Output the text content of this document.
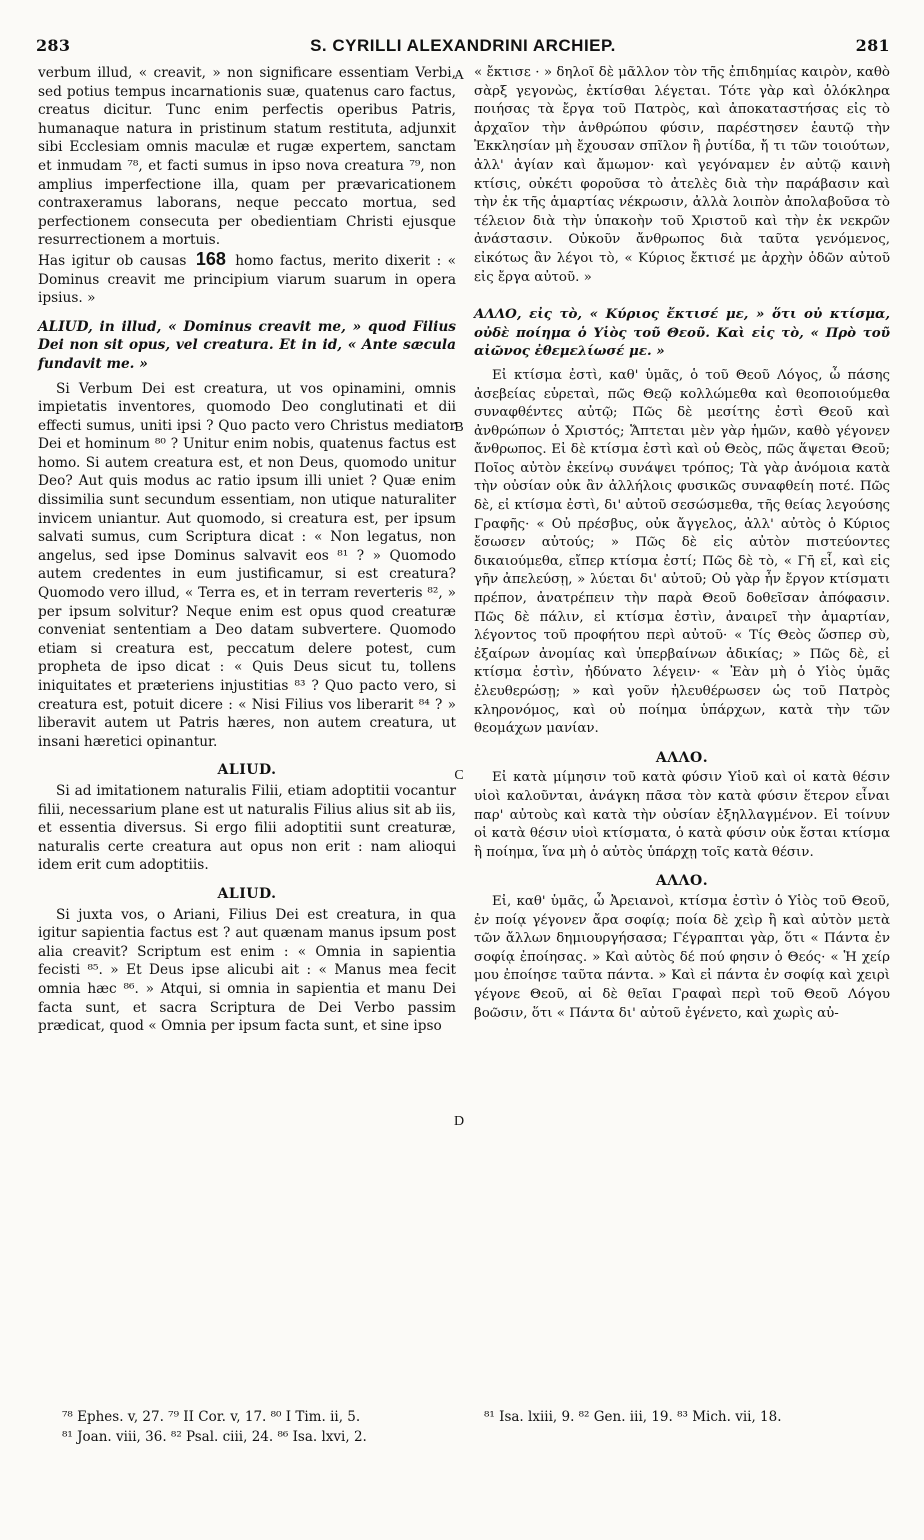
283	S. CYRILLI ALEXANDRINI ARCHIEP.	281
A
B
C
D

verbum illud, « creavit, » non significare essentiam Verbi, sed potius tempus incarnationis suæ, quatenus caro factus, creatus dicitur. Tunc enim perfectis operibus Patris, humanaque natura in pristinum statum restituta, adjunxit sibi Ecclesiam omnis maculæ et rugæ expertem, sanctam et inmudam ⁷⁸, et facti sumus in ipso nova creatura ⁷⁹, non amplius imperfectione illa, quam per prævaricationem contraxeramus laborans, neque peccato mortua, sed perfectionem consecuta per obedientiam Christi ejusque resurrectionem a mortuis.

Has igitur ob causas 168 homo factus, merito dixerit : « Dominus creavit me principium viarum suarum in opera ipsius. »

ALIUD, in illud, « Dominus creavit me, » quod Filius Dei non sit opus, vel creatura. Et in id, « Ante sæcula fundavit me. »

Si Verbum Dei est creatura, ut vos opinamini, omnis impietatis inventores, quomodo Deo conglutinati et dii effecti sumus, uniti ipsi ? Quo pacto vero Christus mediator Dei et hominum ⁸⁰ ? Unitur enim nobis, quatenus factus est homo. Si autem creatura est, et non Deus, quomodo unitur Deo? Aut quis modus ac ratio ipsum illi uniet ? Quæ enim dissimilia sunt secundum essentiam, non utique naturaliter invicem uniantur. Aut quomodo, si creatura est, per ipsum salvati sumus, cum Scriptura dicat : « Non legatus, non angelus, sed ipse Dominus salvavit eos ⁸¹ ? » Quomodo autem credentes in eum justificamur, si est creatura? Quomodo vero illud, « Terra es, et in terram reverteris ⁸², » per ipsum solvitur? Neque enim est opus quod creaturæ conveniat sententiam a Deo datam subvertere. Quomodo etiam si creatura est, peccatum delere potest, cum propheta de ipso dicat : « Quis Deus sicut tu, tollens iniquitates et præteriens injustitias ⁸³ ? Quo pacto vero, si creatura est, potuit dicere : « Nisi Filius vos liberarit ⁸⁴ ? » liberavit autem ut Patris hæres, non autem creatura, ut insani hæretici opinantur.

ALIUD.

Si ad imitationem naturalis Filii, etiam adoptitii vocantur filii, necessarium plane est ut naturalis Filius alius sit ab iis, et essentia diversus. Si ergo filii adoptitii sunt creaturæ, naturalis certe creatura aut opus non erit : nam alioqui idem erit cum adoptitiis.

ALIUD.

Si juxta vos, o Ariani, Filius Dei est creatura, in qua igitur sapientia factus est ? aut quænam manus ipsum post alia creavit? Scriptum est enim : « Omnia in sapientia fecisti ⁸⁵. » Et Deus ipse alicubi ait : « Manus mea fecit omnia hæc ⁸⁶. » Atqui, si omnia in sapientia et manu Dei facta sunt, et sacra Scriptura de Dei Verbo passim prædicat, quod « Omnia per ipsum facta sunt, et sine ipso

« ἔκτισε · » δηλοῖ δὲ μᾶλλον τὸν τῆς ἐπιδημίας καιρὸν, καθὸ σὰρξ γεγονὼς, ἐκτίσθαι λέγεται. Τότε γὰρ καὶ ὁλόκληρα ποιήσας τὰ ἔργα τοῦ Πατρὸς, καὶ ἀποκαταστήσας εἰς τὸ ἀρχαῖον τὴν ἀνθρώπου φύσιν, παρέστησεν ἑαυτῷ τὴν Ἐκκλησίαν μὴ ἔχουσαν σπῖλον ἢ ῥυτίδα, ἤ τι τῶν τοιούτων, ἀλλ' ἁγίαν καὶ ἄμωμον· καὶ γεγόναμεν ἐν αὐτῷ καινὴ κτίσις, οὐκέτι φοροῦσα τὸ ἀτελὲς διὰ τὴν παράβασιν καὶ τὴν ἐκ τῆς ἁμαρτίας νέκρωσιν, ἀλλὰ λοιπὸν ἀπολαβοῦσα τὸ τέλειον διὰ τὴν ὑπακοὴν τοῦ Χριστοῦ καὶ τὴν ἐκ νεκρῶν ἀνάστασιν. Οὐκοῦν ἄνθρωπος διὰ ταῦτα γενόμενος, εἰκότως ἂν λέγοι τὸ, « Κύριος ἔκτισέ με ἀρχὴν ὁδῶν αὐτοῦ εἰς ἔργα αὐτοῦ. »

ΑΛΛΟ, εἰς τὸ, « Κύριος ἔκτισέ με, » ὅτι οὐ κτίσμα, οὐδὲ ποίημα ὁ Υἱὸς τοῦ Θεοῦ. Καὶ εἰς τὸ, « Πρὸ τοῦ αἰῶνος ἐθεμελίωσέ με. »

Εἰ κτίσμα ἐστὶ, καθ' ὑμᾶς, ὁ τοῦ Θεοῦ Λόγος, ὦ πάσης ἀσεβείας εὑρεταὶ, πῶς Θεῷ κολλώμεθα καὶ θεοποιούμεθα συναφθέντες αὐτῷ; Πῶς δὲ μεσίτης ἐστὶ Θεοῦ καὶ ἀνθρώπων ὁ Χριστός; Ἅπτεται μὲν γὰρ ἡμῶν, καθὸ γέγονεν ἄνθρωπος. Εἰ δὲ κτίσμα ἐστὶ καὶ οὐ Θεὸς, πῶς ἅψεται Θεοῦ; Ποῖος αὐτὸν ἐκείνῳ συνάψει τρόπος; Τὰ γὰρ ἀνόμοια κατὰ τὴν οὐσίαν οὐκ ἂν ἀλλήλοις φυσικῶς συναφθείη ποτέ. Πῶς δὲ, εἰ κτίσμα ἐστὶ, δι' αὐτοῦ σεσώσμεθα, τῆς θείας λεγούσης Γραφῆς· « Οὐ πρέσβυς, οὐκ ἄγγελος, ἀλλ' αὐτὸς ὁ Κύριος ἔσωσεν αὐτούς; » Πῶς δὲ εἰς αὐτὸν πιστεύοντες δικαιούμεθα, εἴπερ κτίσμα ἐστί; Πῶς δὲ τὸ, « Γῆ εἶ, καὶ εἰς γῆν ἀπελεύσῃ, » λύεται δι' αὐτοῦ; Οὐ γὰρ ἦν ἔργον κτίσματι πρέπον, ἀνατρέπειν τὴν παρὰ Θεοῦ δοθεῖσαν ἀπόφασιν. Πῶς δὲ πάλιν, εἰ κτίσμα ἐστὶν, ἀναιρεῖ τὴν ἁμαρτίαν, λέγοντος τοῦ προφήτου περὶ αὐτοῦ· « Τίς Θεὸς ὥσπερ σὺ, ἐξαίρων ἀνομίας καὶ ὑπερβαίνων ἀδικίας; » Πῶς δὲ, εἰ κτίσμα ἐστὶν, ἠδύνατο λέγειν· « Ἐὰν μὴ ὁ Υἱὸς ὑμᾶς ἐλευθερώσῃ; » καὶ γοῦν ἠλευθέρωσεν ὡς τοῦ Πατρὸς κληρονόμος, καὶ οὐ ποίημα ὑπάρχων, κατὰ τὴν τῶν θεομάχων μανίαν.

ΑΛΛΟ.

Εἰ κατὰ μίμησιν τοῦ κατὰ φύσιν Υἱοῦ καὶ οἱ κατὰ θέσιν υἱοὶ καλοῦνται, ἀνάγκη πᾶσα τὸν κατὰ φύσιν ἕτερον εἶναι παρ' αὐτοὺς καὶ κατὰ τὴν οὐσίαν ἐξηλλαγμένον. Εἰ τοίνυν οἱ κατὰ θέσιν υἱοὶ κτίσματα, ὁ κατὰ φύσιν οὐκ ἔσται κτίσμα ἢ ποίημα, ἵνα μὴ ὁ αὐτὸς ὑπάρχῃ τοῖς κατὰ θέσιν.

ΑΛΛΟ.

Εἰ, καθ' ὑμᾶς, ὦ Ἀρειανοὶ, κτίσμα ἐστὶν ὁ Υἱὸς τοῦ Θεοῦ, ἐν ποίᾳ γέγονεν ἄρα σοφίᾳ; ποία δὲ χεὶρ ἢ καὶ αὐτὸν μετὰ τῶν ἄλλων δημιουργήσασα; Γέγραπται γὰρ, ὅτι « Πάντα ἐν σοφίᾳ ἐποίησας. » Καὶ αὐτὸς δέ πού φησιν ὁ Θεός· « Ἡ χείρ μου ἐποίησε ταῦτα πάντα. » Καὶ εἰ πάντα ἐν σοφίᾳ καὶ χειρὶ γέγονε Θεοῦ, αἱ δὲ θεῖαι Γραφαὶ περὶ τοῦ Θεοῦ Λόγου βοῶσιν, ὅτι « Πάντα δι' αὐτοῦ ἐγένετο, καὶ χωρὶς αὐ-

⁷⁸ Ephes. v, 27. ⁷⁹ II Cor. v, 17. ⁸⁰ I Tim. ii, 5.
⁸¹ Joan. viii, 36. ⁸² Psal. ciii, 24. ⁸⁶ Isa. lxvi, 2.
⁸¹ Isa. lxiii, 9. ⁸² Gen. iii, 19. ⁸³ Mich. vii, 18.
